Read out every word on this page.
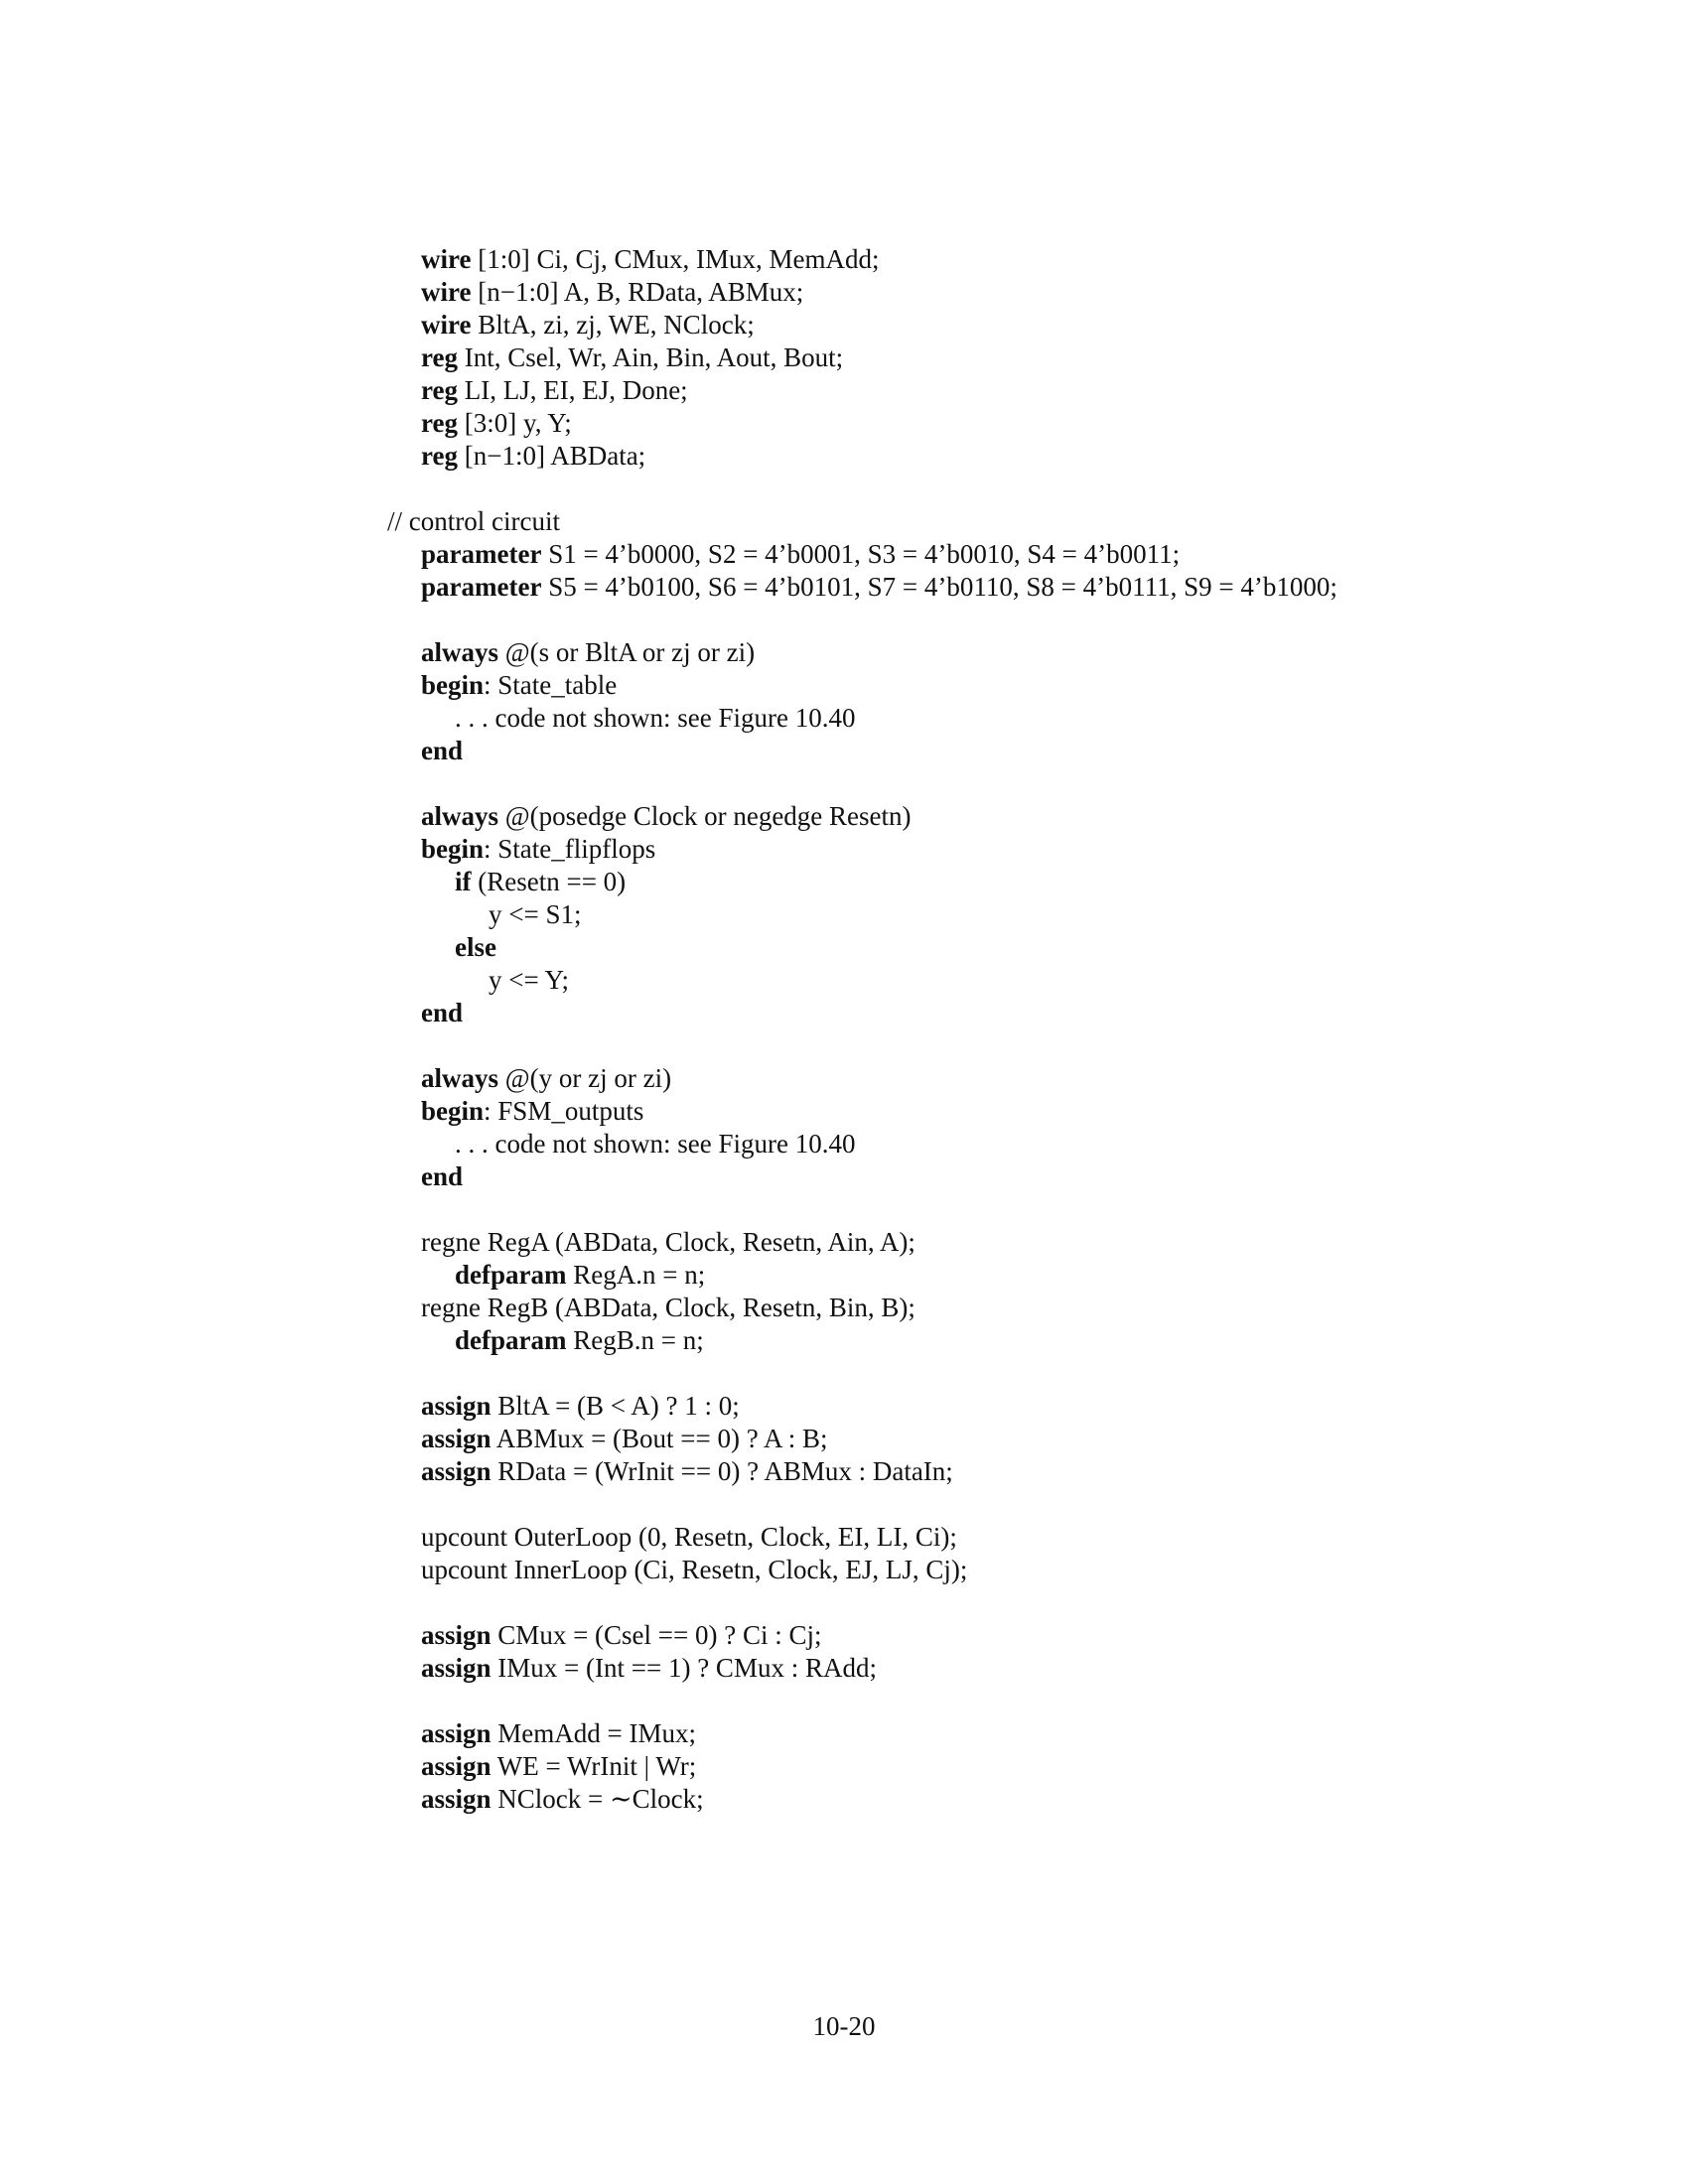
wire [1:0] Ci, Cj, CMux, IMux, MemAdd;
wire [n−1:0] A, B, RData, ABMux;
wire BltA, zi, zj, WE, NClock;
reg Int, Csel, Wr, Ain, Bin, Aout, Bout;
reg LI, LJ, EI, EJ, Done;
reg [3:0] y, Y;
reg [n−1:0] ABData;
// control circuit
parameter S1 = 4’b0000, S2 = 4’b0001, S3 = 4’b0010, S4 = 4’b0011;
parameter S5 = 4’b0100, S6 = 4’b0101, S7 = 4’b0110, S8 = 4’b0111, S9 = 4’b1000;
always @(s or BltA or zj or zi)
begin: State_table
. . . code not shown: see Figure 10.40
end
always @(posedge Clock or negedge Resetn)
begin: State_flipflops
if (Resetn == 0)
y <= S1;
else
y <= Y;
end
always @(y or zj or zi)
begin: FSM_outputs
. . . code not shown: see Figure 10.40
end
regne RegA (ABData, Clock, Resetn, Ain, A);
defparam RegA.n = n;
regne RegB (ABData, Clock, Resetn, Bin, B);
defparam RegB.n = n;
assign BltA = (B < A) ? 1 : 0;
assign ABMux = (Bout == 0) ? A : B;
assign RData = (WrInit == 0) ? ABMux : DataIn;
upcount OuterLoop (0, Resetn, Clock, EI, LI, Ci);
upcount InnerLoop (Ci, Resetn, Clock, EJ, LJ, Cj);
assign CMux = (Csel == 0) ? Ci : Cj;
assign IMux = (Int == 1) ? CMux : RAdd;
assign MemAdd = IMux;
assign WE = WrInit | Wr;
assign NClock = ∼Clock;
10-20
